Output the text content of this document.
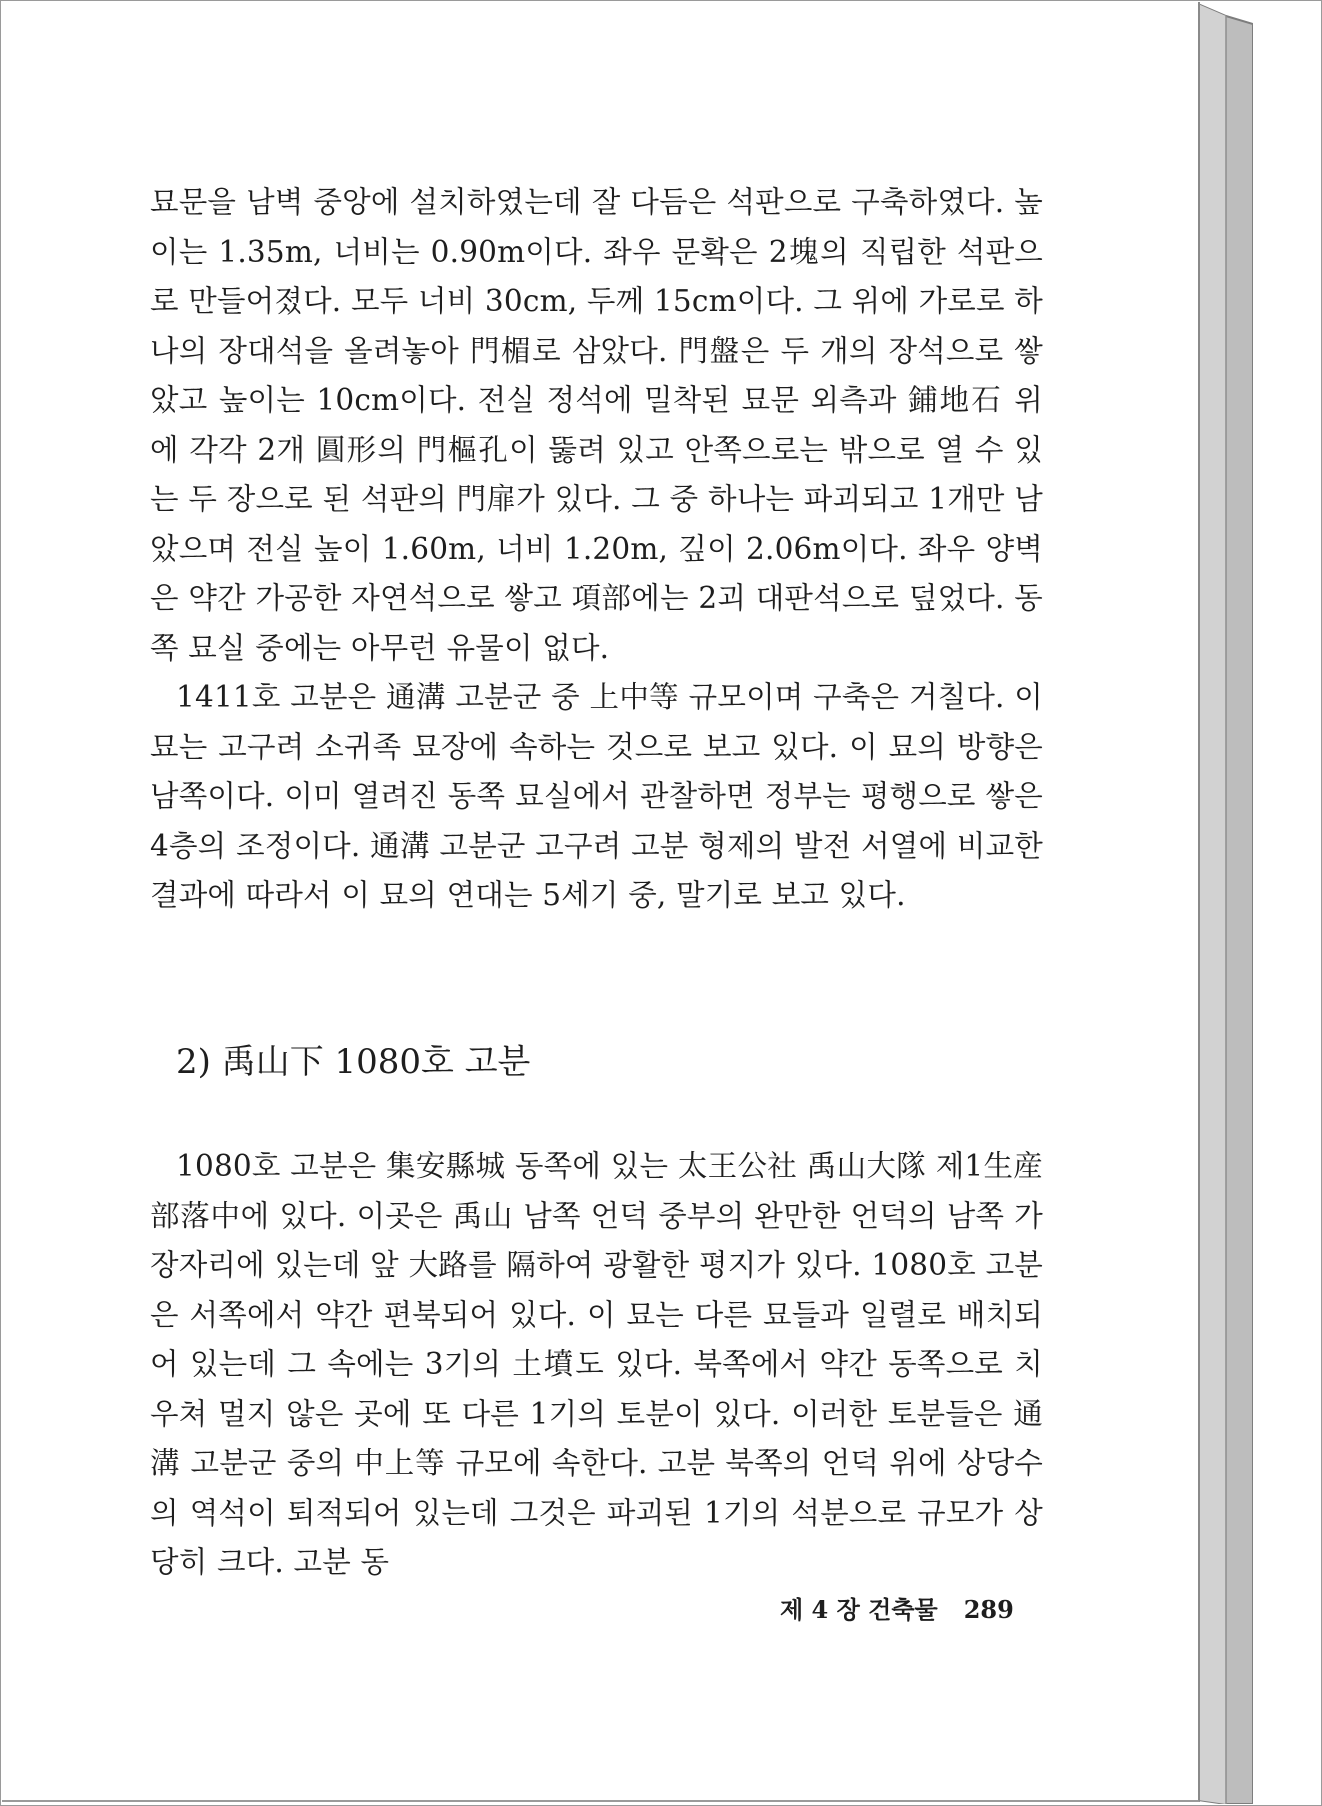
묘문을 남벽 중앙에 설치하였는데 잘 다듬은 석판으로 구축하였다. 높이는 1.35m, 너비는 0.90m이다. 좌우 문확은 2塊의 직립한 석판으로 만들어졌다. 모두 너비 30cm, 두께 15cm이다. 그 위에 가로로 하나의 장대석을 올려놓아 門楣로 삼았다. 門盤은 두 개의 장석으로 쌓았고 높이는 10cm이다. 전실 정석에 밀착된 묘문 외측과 鋪地石 위에 각각 2개 圓形의 門樞孔이 뚫려 있고 안쪽으로는 밖으로 열 수 있는 두 장으로 된 석판의 門扉가 있다. 그 중 하나는 파괴되고 1개만 남았으며 전실 높이 1.60m, 너비 1.20m, 깊이 2.06m이다. 좌우 양벽은 약간 가공한 자연석으로 쌓고 項部에는 2괴 대판석으로 덮었다. 동쪽 묘실 중에는 아무런 유물이 없다.

1411호 고분은 通溝 고분군 중 上中等 규모이며 구축은 거칠다. 이 묘는 고구려 소귀족 묘장에 속하는 것으로 보고 있다. 이 묘의 방향은 남쪽이다. 이미 열려진 동쪽 묘실에서 관찰하면 정부는 평행으로 쌓은 4층의 조정이다. 通溝 고분군 고구려 고분 형제의 발전 서열에 비교한 결과에 따라서 이 묘의 연대는 5세기 중, 말기로 보고 있다.

2) 禹山下 1080호 고분

1080호 고분은 集安縣城 동쪽에 있는 太王公社 禹山大隊 제1生産部落中에 있다. 이곳은 禹山 남쪽 언덕 중부의 완만한 언덕의 남쪽 가장자리에 있는데 앞 大路를 隔하여 광활한 평지가 있다. 1080호 고분은 서쪽에서 약간 편북되어 있다. 이 묘는 다른 묘들과 일렬로 배치되어 있는데 그 속에는 3기의 土墳도 있다. 북쪽에서 약간 동쪽으로 치우쳐 멀지 않은 곳에 또 다른 1기의 토분이 있다. 이러한 토분들은 通溝 고분군 중의 中上等 규모에 속한다. 고분 북쪽의 언덕 위에 상당수의 역석이 퇴적되어 있는데 그것은 파괴된 1기의 석분으로 규모가 상당히 크다. 고분 동

제 4 장 건축물 289
